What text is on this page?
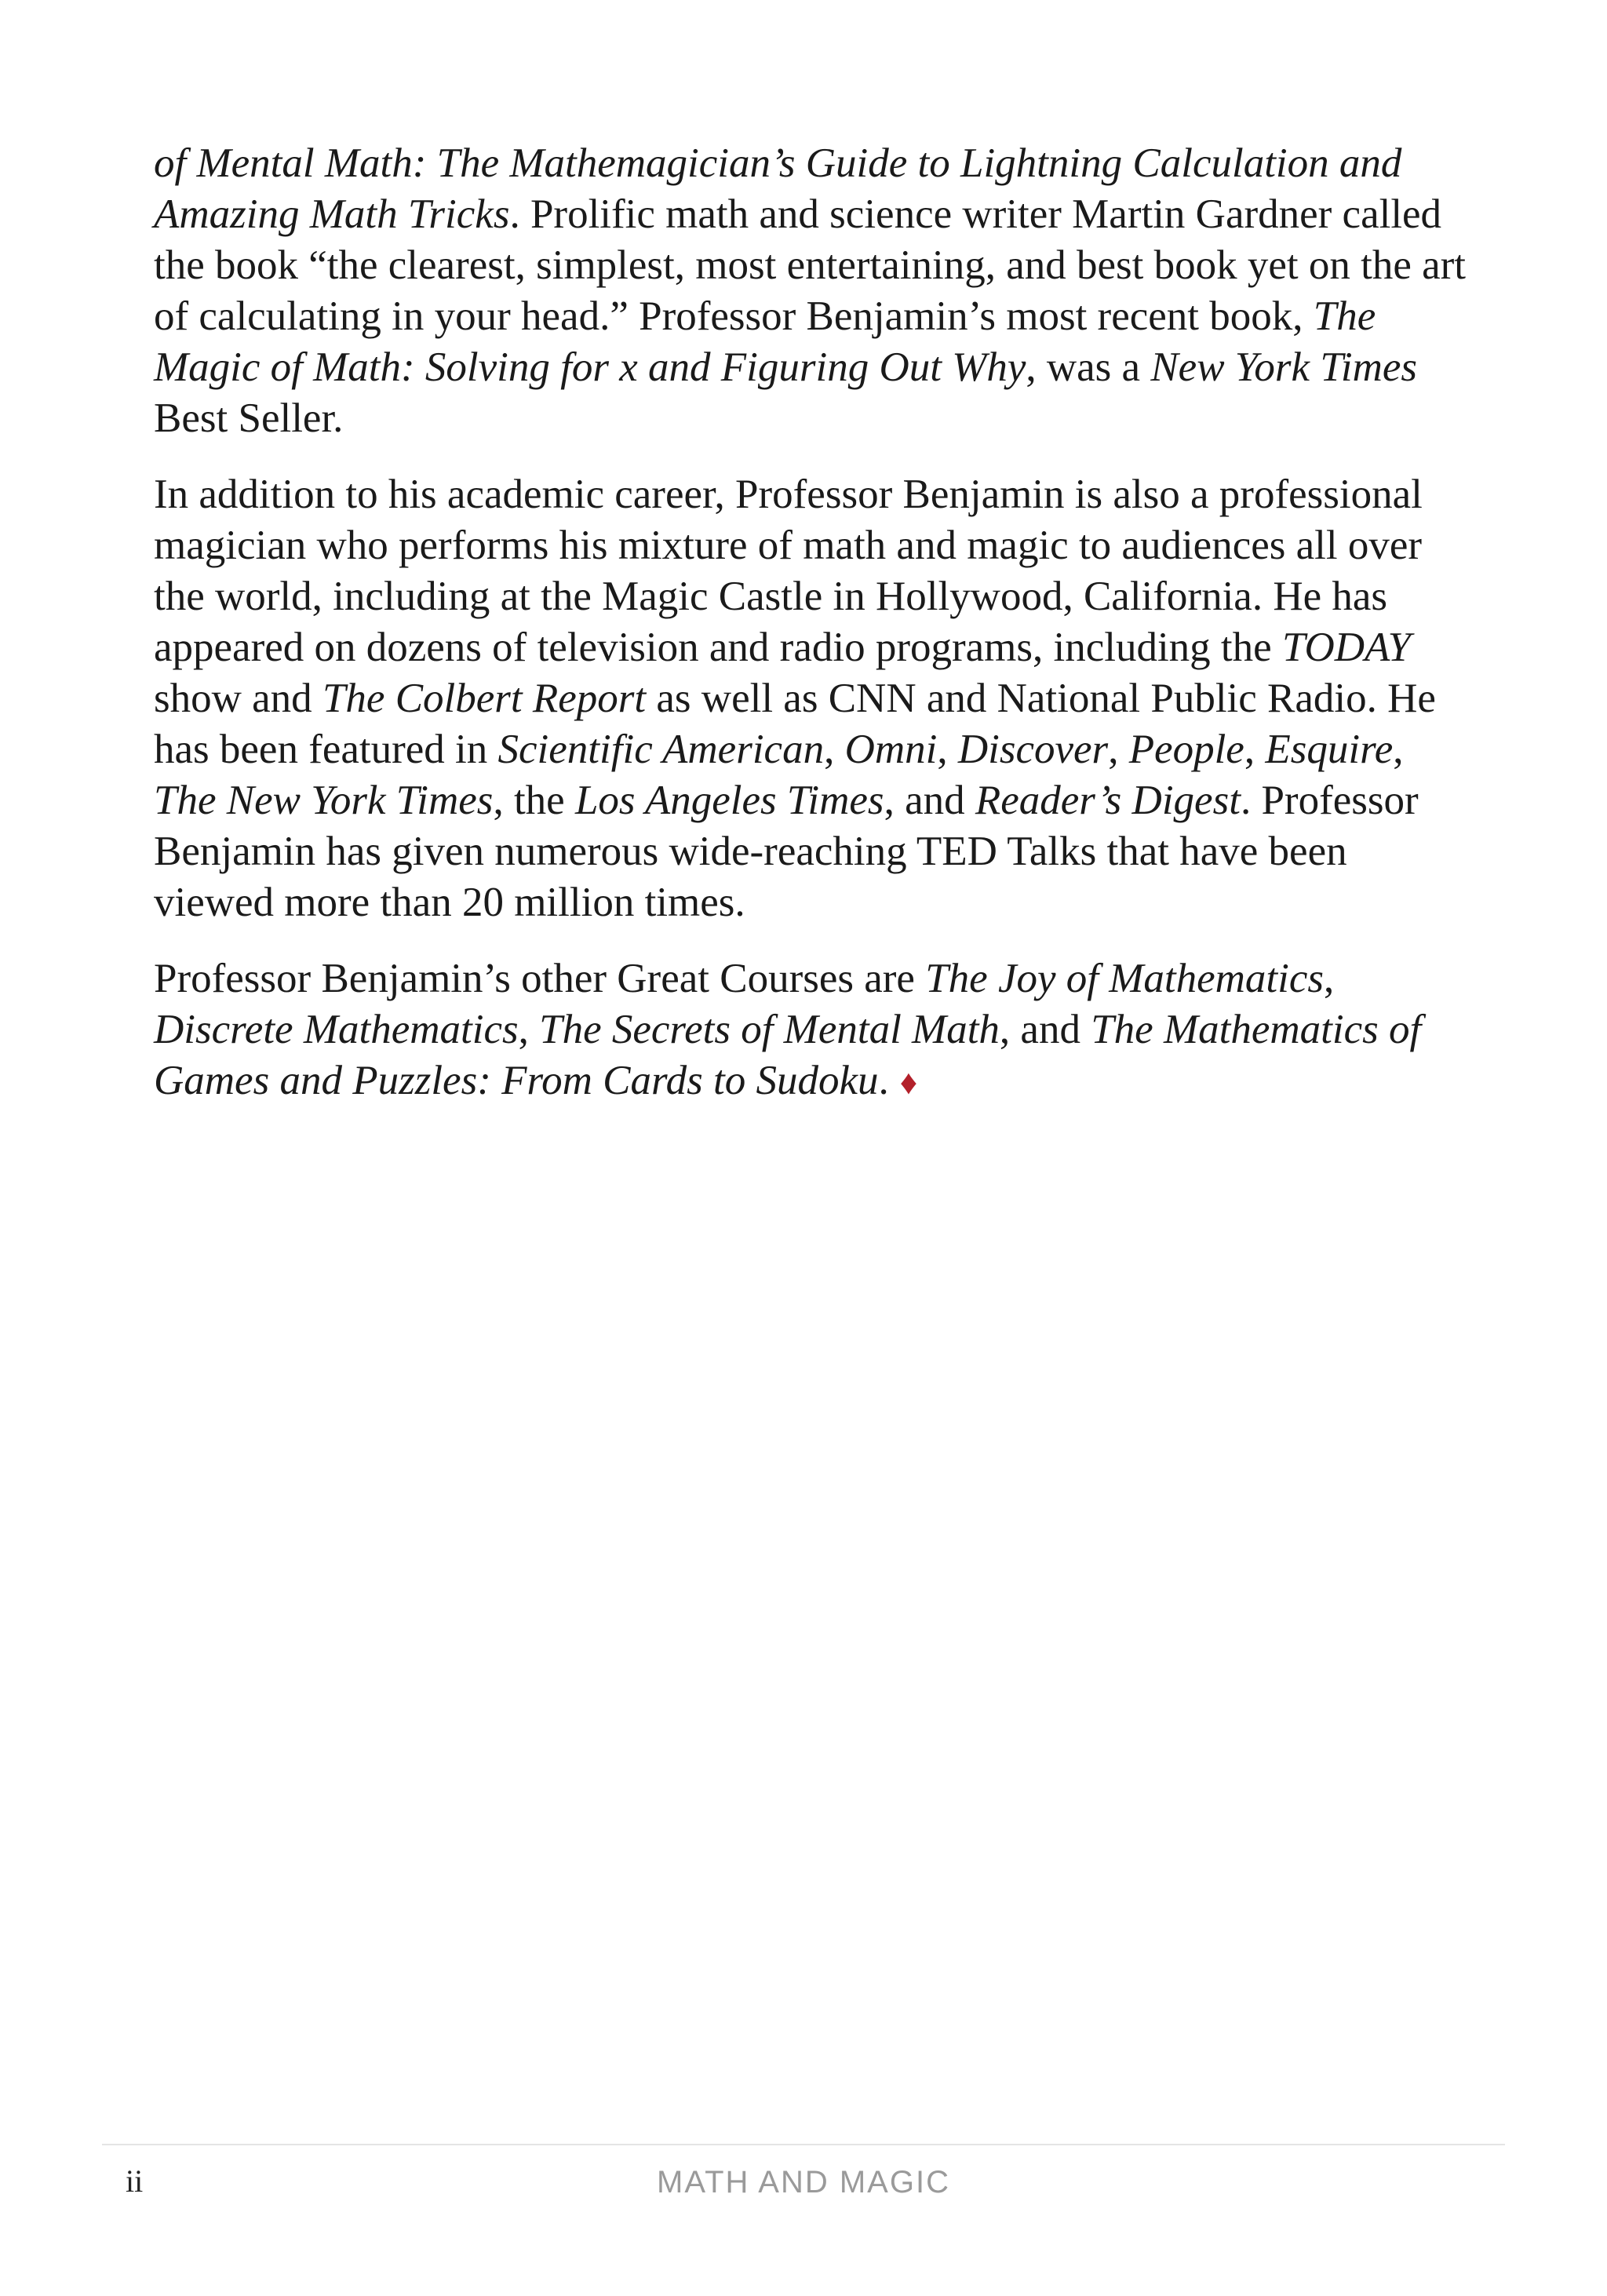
of Mental Math: The Mathemagician’s Guide to Lightning Calculation and Amazing Math Tricks. Prolific math and science writer Martin Gardner called the book “the clearest, simplest, most entertaining, and best book yet on the art of calculating in your head.” Professor Benjamin’s most recent book, The Magic of Math: Solving for x and Figuring Out Why, was a New York Times Best Seller.

In addition to his academic career, Professor Benjamin is also a professional magician who performs his mixture of math and magic to audiences all over the world, including at the Magic Castle in Hollywood, California. He has appeared on dozens of television and radio programs, including the TODAY show and The Colbert Report as well as CNN and National Public Radio. He has been featured in Scientific American, Omni, Discover, People, Esquire, The New York Times, the Los Angeles Times, and Reader’s Digest. Professor Benjamin has given numerous wide-reaching TED Talks that have been viewed more than 20 million times.

Professor Benjamin’s other Great Courses are The Joy of Mathematics, Discrete Mathematics, The Secrets of Mental Math, and The Mathematics of Games and Puzzles: From Cards to Sudoku. ♦

ii	MATH AND MAGIC
